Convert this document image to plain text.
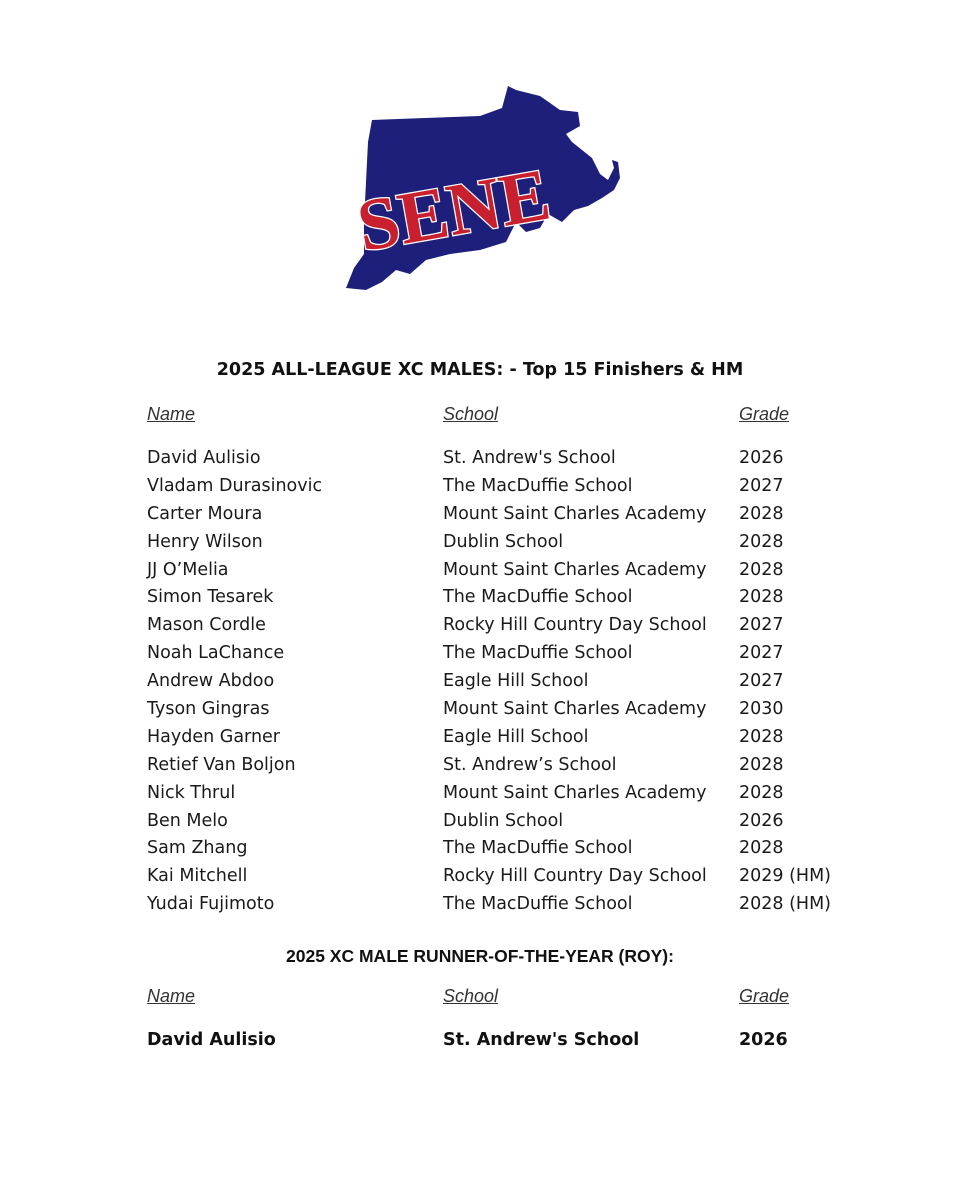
SENE
2025 ALL-LEAGUE XC MALES: - Top 15 Finishers & HM
Name	School	Grade
David Aulisio	St. Andrew's School	2026
Vladam Durasinovic	The MacDuffie School	2027
Carter Moura	Mount Saint Charles Academy 2028
Henry Wilson	Dublin School	2028
JJ O’Melia	Mount Saint Charles Academy 2028
Simon Tesarek	The MacDuffie School	2028
Mason Cordle	Rocky Hill Country Day School 2027
Noah LaChance	The MacDuffie School	2027
Andrew Abdoo	Eagle Hill School	2027
Tyson Gingras	Mount Saint Charles Academy 2030
Hayden Garner	Eagle Hill School	2028
Retief Van Boljon	St. Andrew’s School	2028
Nick Thrul	Mount Saint Charles Academy 2028
Ben Melo	Dublin School	2026
Sam Zhang	The MacDuffie School	2028
Kai Mitchell	Rocky Hill Country Day School 2029 (HM)
Yudai Fujimoto	The MacDuffie School	2028 (HM)
2025 XC MALE RUNNER-OF-THE-YEAR (ROY):
Name	School	Grade
David Aulisio	St. Andrew's School	2026
